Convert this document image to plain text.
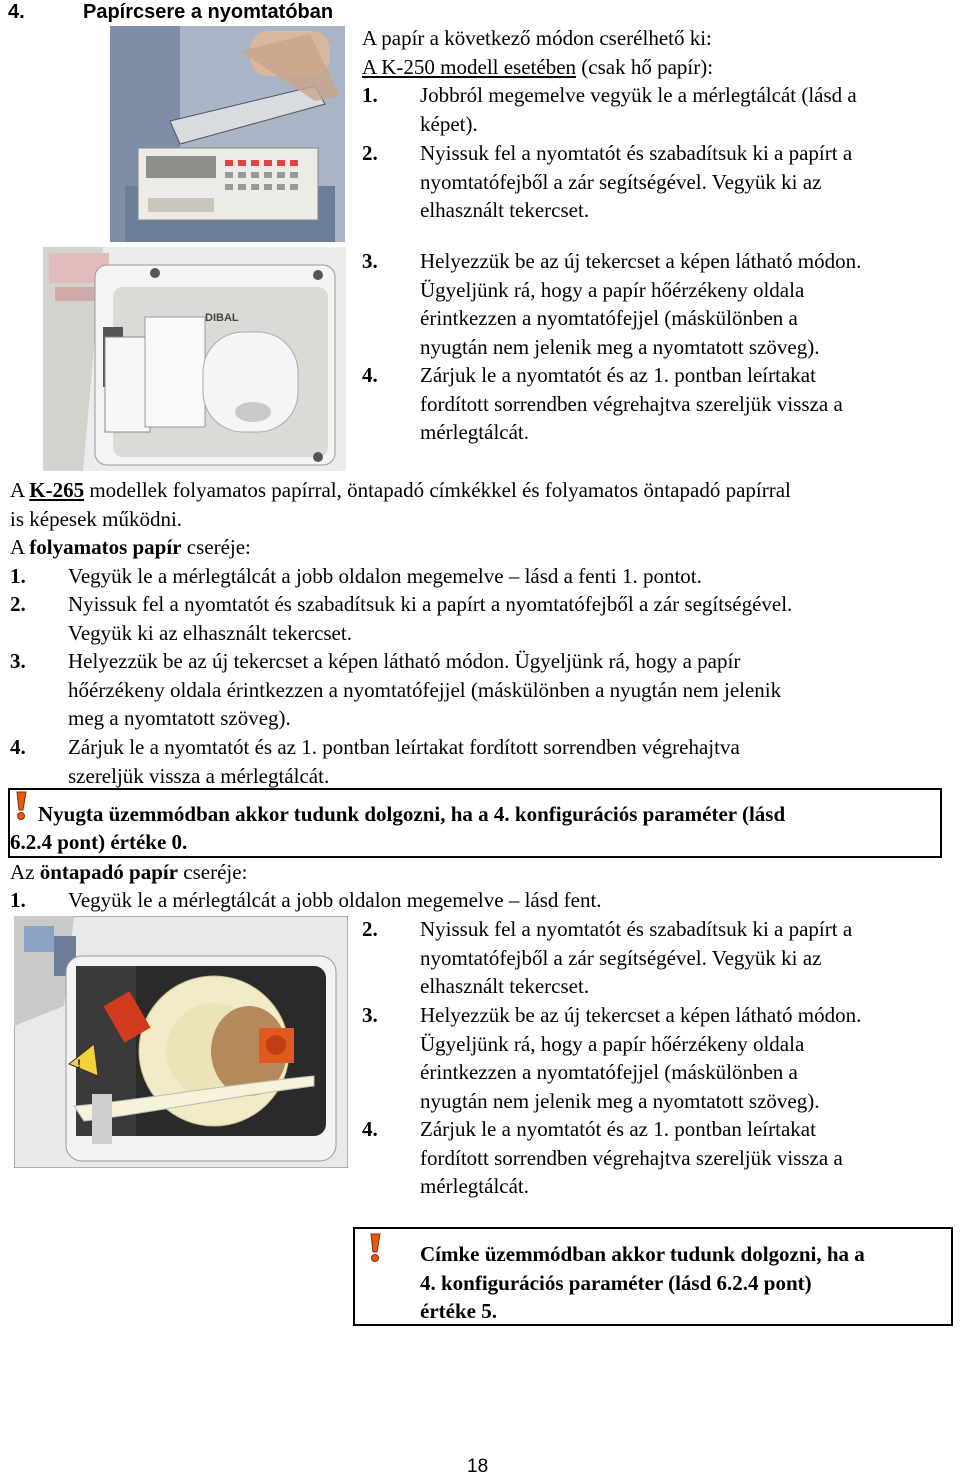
4.	Papírcsere a nyomtatóban
DIBAL
A papír a következő módon cserélhető ki:
A K-250 modell esetében (csak hő papír):
1. Jobbról megemelve vegyük le a mérlegtálcát (lásd a
képet).
2. Nyissuk fel a nyomtatót és szabadítsuk ki a papírt a
nyomtatófejből a zár segítségével. Vegyük ki az
elhasznált tekercset.
3. Helyezzük be az új tekercset a képen látható módon.
Ügyeljünk rá, hogy a papír hőérzékeny oldala
érintkezzen a nyomtatófejjel (máskülönben a
nyugtán nem jelenik meg a nyomtatott szöveg).
4. Zárjuk le a nyomtatót és az 1. pontban leírtakat
fordított sorrendben végrehajtva szereljük vissza a
mérlegtálcát.
A K-265 modellek folyamatos papírral, öntapadó címkékkel és folyamatos öntapadó papírral
is képesek működni.
A folyamatos papír cseréje:
1. Vegyük le a mérlegtálcát a jobb oldalon megemelve – lásd a fenti 1. pontot.
2. Nyissuk fel a nyomtatót és szabadítsuk ki a papírt a nyomtatófejből a zár segítségével.
Vegyük ki az elhasznált tekercset.
3. Helyezzük be az új tekercset a képen látható módon. Ügyeljünk rá, hogy a papír
hőérzékeny oldala érintkezzen a nyomtatófejjel (máskülönben a nyugtán nem jelenik
meg a nyomtatott szöveg).
4. Zárjuk le a nyomtatót és az 1. pontban leírtakat fordított sorrendben végrehajtva
szereljük vissza a mérlegtálcát.
Nyugta üzemmódban akkor tudunk dolgozni, ha a 4. konfigurációs paraméter (lásd
6.2.4 pont) értéke 0.
Az öntapadó papír cseréje:
1. Vegyük le a mérlegtálcát a jobb oldalon megemelve – lásd fent.
!
2. Nyissuk fel a nyomtatót és szabadítsuk ki a papírt a
nyomtatófejből a zár segítségével. Vegyük ki az
elhasznált tekercset.
3. Helyezzük be az új tekercset a képen látható módon.
Ügyeljünk rá, hogy a papír hőérzékeny oldala
érintkezzen a nyomtatófejjel (máskülönben a
nyugtán nem jelenik meg a nyomtatott szöveg).
4. Zárjuk le a nyomtatót és az 1. pontban leírtakat
fordított sorrendben végrehajtva szereljük vissza a
mérlegtálcát.
Címke üzemmódban akkor tudunk dolgozni, ha a
4. konfigurációs paraméter (lásd 6.2.4 pont)
értéke 5.
18
